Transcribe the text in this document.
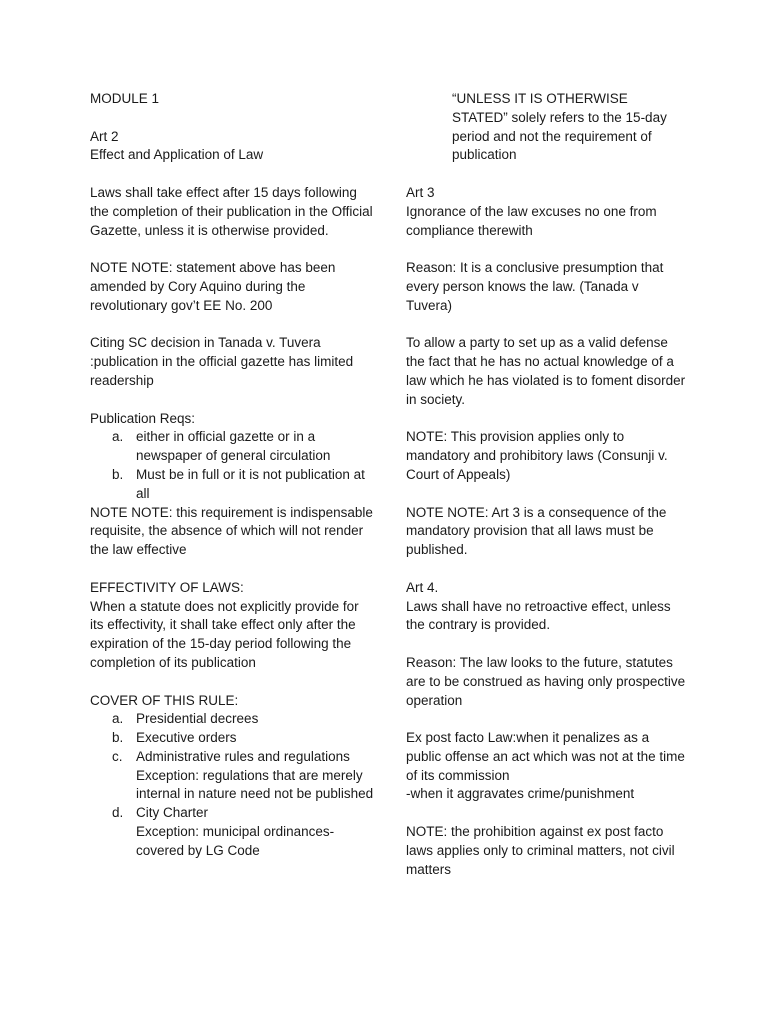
MODULE 1

Art 2

Effect and Application of Law

Laws shall take effect after 15 days following the completion of their publication in the Official Gazette, unless it is otherwise provided.

NOTE NOTE: statement above has been amended by Cory Aquino during the revolutionary gov’t EE No. 200

Citing SC decision in Tanada v. Tuvera :publication in the official gazette has limited readership

Publication Reqs:

a. either in official gazette or in a newspaper of general circulation
b. Must be in full or it is not publication at all

NOTE NOTE: this requirement is indispensable requisite, the absence of which will not render the law effective

EFFECTIVITY OF LAWS:

When a statute does not explicitly provide for its effectivity, it shall take effect only after the expiration of the 15-day period following the completion of its publication

COVER OF THIS RULE:

a. Presidential decrees
b. Executive orders
c. Administrative rules and regulations

Exception: regulations that are merely internal in nature need not be published

d. City Charter

Exception: municipal ordinances- covered by LG Code

“UNLESS IT IS OTHERWISE STATED” solely refers to the 15-day period and not the requirement of publication

Art 3

Ignorance of the law excuses no one from compliance therewith

Reason: It is a conclusive presumption that every person knows the law. (Tanada v Tuvera)

To allow a party to set up as a valid defense the fact that he has no actual knowledge of a law which he has violated is to foment disorder in society.

NOTE: This provision applies only to mandatory and prohibitory laws (Consunji v. Court of Appeals)

NOTE NOTE: Art 3 is a consequence of the mandatory provision that all laws must be published.

Art 4.

Laws shall have no retroactive effect, unless the contrary is provided.

Reason: The law looks to the future, statutes are to be construed as having only prospective operation

Ex post facto Law:when it penalizes as a public offense an act which was not at the time of its commission

-when it aggravates crime/punishment

NOTE: the prohibition against ex post facto laws applies only to criminal matters, not civil matters
